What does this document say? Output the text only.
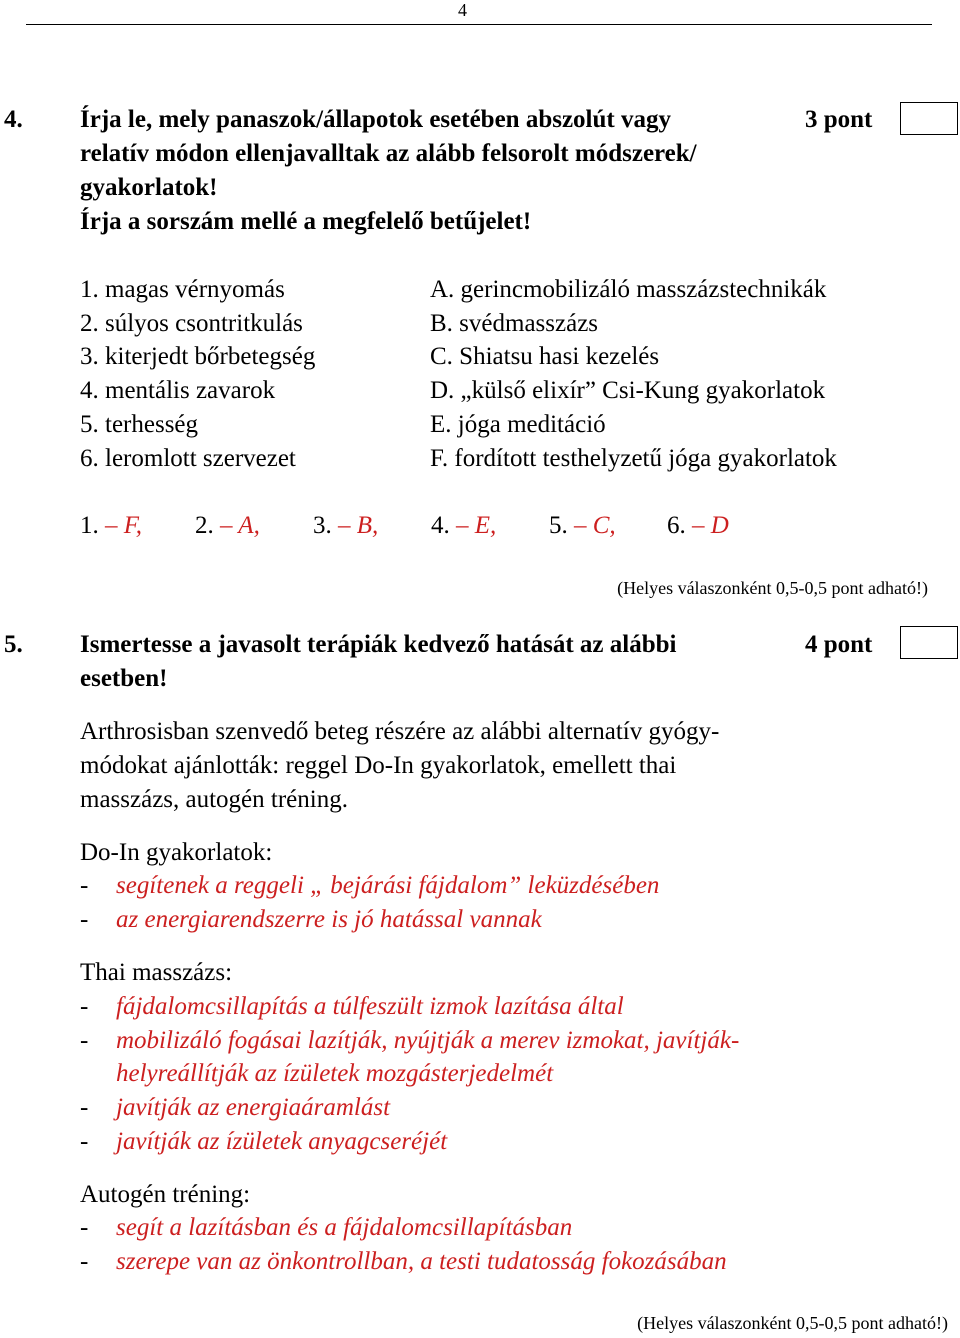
4
4. Írja le, mely panaszok/állapotok esetében abszolút vagy
relatív módon ellenjavalltak az alább felsorolt módszerek/
gyakorlatok!
Írja a sorszám mellé a megfelelő betűjelet!
3 pont
1. magas vérnyomás
2. súlyos csontritkulás
3. kiterjedt bőrbetegség
4. mentális zavarok
5. terhesség
6. leromlott szervezet
A. gerincmobilizáló masszázstechnikák
B. svédmasszázs
C. Shiatsu hasi kezelés
D. „külső elixír” Csi-Kung gyakorlatok
E. jóga meditáció
F. fordított testhelyzetű jóga gyakorlatok
1. – F, 2. – A, 3. – B, 4. – E, 5. – C, 6. – D
(Helyes válaszonként 0,5-0,5 pont adható!)
5. Ismertesse a javasolt terápiák kedvező hatását az alábbi
esetben!
4 pont
Arthrosisban szenvedő beteg részére az alábbi alternatív gyógy-
módokat ajánlották: reggel Do-In gyakorlatok, emellett thai
masszázs, autogén tréning.
Do-In gyakorlatok:
- segítenek a reggeli „ bejárási fájdalom” leküzdésében
- az energiarendszerre is jó hatással vannak
Thai masszázs:
- fájdalomcsillapítás a túlfeszült izmok lazítása által
- mobilizáló fogásai lazítják, nyújtják a merev izmokat, javítják-
helyreállítják az ízületek mozgásterjedelmét
- javítják az energiaáramlást
- javítják az ízületek anyagcseréjét
Autogén tréning:
- segít a lazításban és a fájdalomcsillapításban
- szerepe van az önkontrollban, a testi tudatosság fokozásában
(Helyes válaszonként 0,5-0,5 pont adható!)
